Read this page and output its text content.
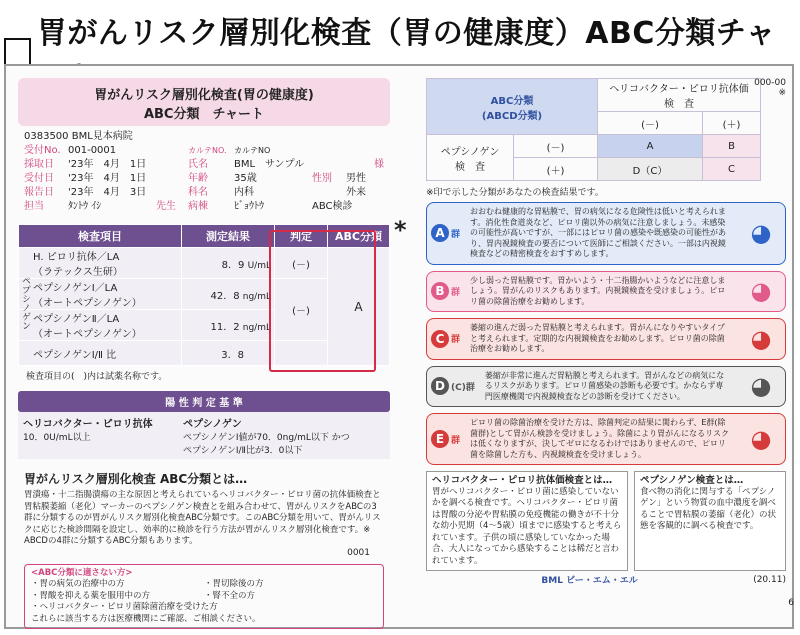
胃がんリスク層別化検査（胃の健康度）ABC分類チャ
胃がんリスク層別化検査(胃の健康度)
ABC分類　チャート
0383500 BML見本病院
受付No. 001-0001	カルテNO. カルテNO
採取日	'23年　4月　1日	氏名	BML　サンプル	様
受付日	'23年　4月　1日	年齢	35歳	性別	男性
報告日	'23年　4月　3日	科名	内科	外来
担当	ﾀﾝﾄｳ ｲｼ	先生	病棟	ﾋﾞｮｳﾄｳ	ABC検診
検査項目	測定結果	判定	ABC分類
H. ピロリ抗体／LA
（ラテックス生研）	8．9 U/mL	(－)	A
ペプシノゲンⅠ／LA
（オートペプシノゲン）	42．8 ng/mL	(－)	
ペプシノゲンⅡ／LA
（オートペプシノゲン）	11．2 ng/mL		
ペプシノゲンⅠ/Ⅱ 比	3．8		
ペプシノゲン
検査項目の(　)内は試薬名称です。
陽 性 判 定 基 準
ヘリコバクター・ピロリ抗体
10．0U/mL以上
ペプシノゲン
ペプシノゲンⅠ値が70．0ng/mL以下 かつ
ペプシノゲンⅠ/Ⅱ比が3．0以下
胃がんリスク層別化検査 ABC分類とは…
胃潰瘍・十二指腸潰瘍の主な原因と考えられているヘリコバクター・ピロリ菌の抗体価検査と胃粘膜萎縮（老化）マーカーのペプシノゲン検査とを組み合わせて、胃がんリスクをABCの3群に分類するのが胃がんリスク層別化検査ABC分類です。このABC分類を用いて、胃がんリスクに応じた検診間隔を設定し、効率的に検診を行う方法が胃がんリスク層別化検査です。※ ABCDの4群に分類するABC分類もあります。
0001
<ABC分類に適さない方>
・胃の病気の治療中の方	・胃切除後の方
・胃酸を抑える薬を服用中の方	・腎不全の方
・ヘリコバクター・ピロリ菌除菌治療を受けた方
これらに該当する方は医療機関にご確認、ご相談ください。
*
ABC分類
(ABCD分類)		ヘリコバクター・ピロリ抗体価
検　査	
		(－)	(＋)
ペプシノゲン
検　査	(－)	A	B
	(＋)	D（C）	C
000-00
※
※印で示した分類があなたの検査結果です。
A 群
おおむね健康的な胃粘膜で、胃の病気になる危険性は低いと考えられます。消化性食道炎など、ピロリ菌以外の病気に注意しましょう。未感染の可能性が高いですが、一部にはピロリ菌の感染や既感染の可能性があり、胃内視鏡検査の要否について医師にご相談ください。一部は内視鏡検査などの精密検査をおすすめします。
◕
B 群
少し弱った胃粘膜です。胃かいよう・十二指腸かいようなどに注意しましょう。胃がんのリスクもあります。内視鏡検査を受けましょう。ピロリ菌の除菌治療をお勧めします。	◕
C 群
萎縮の進んだ弱った胃粘膜と考えられます。胃がんになりやすいタイプと考えられます。定期的な内視鏡検査をお勧めします。ピロリ菌の除菌治療をお勧めします。	◕
D (C)群
萎縮が非常に進んだ胃粘膜と考えられます。胃がんなどの病気になるリスクがあります。ピロリ菌感染の診断も必要です。かならず専門医療機関で内視鏡検査などの診断を受けてください。	◕
E 群
ピロリ菌の除菌治療を受けた方は、除菌判定の結果に関わらず、E群(除菌群)として胃がん検診を受けましょう。除菌により胃がんになるリスクは低くなりますが、決してゼロになるわけではありませんので、ピロリ菌を除菌した方も、内視鏡検査を受けましょう。
◕
ヘリコバクター・ピロリ抗体価検査とは…
胃がヘリコバクター・ピロリ菌に感染していないかを調べる検査です。ヘリコバクター・ピロリ菌は胃酸の分泌や胃粘膜の免疫機能の働きが不十分な幼小児期（4～5歳）頃までに感染すると考えられています。子供の頃に感染していなかった場合、大人になってから感染することは稀だと言われています。
ペプシノゲン検査とは…
食べ物の消化に関与する「ペプシノゲン」という物質の血中濃度を調べることで胃粘膜の萎縮（老化）の状態を客観的に調べる検査です。
BML ビー・エム・エル	(20.11)
6
